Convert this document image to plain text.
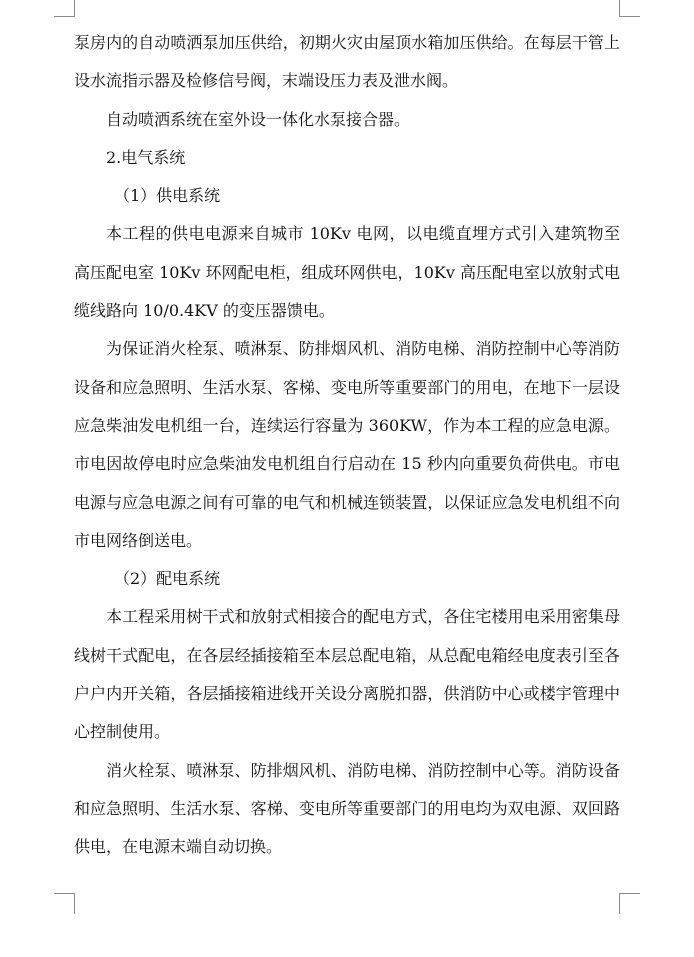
泵房内的自动喷洒泵加压供给，初期火灾由屋顶水箱加压供给。在每层干管上设水流指示器及检修信号阀，末端设压力表及泄水阀。

自动喷洒系统在室外设一体化水泵接合器。

2.电气系统

（1）供电系统

本工程的供电电源来自城市 10Kv 电网，以电缆直埋方式引入建筑物至高压配电室 10Kv 环网配电柜，组成环网供电，10Kv 高压配电室以放射式电缆线路向 10/0.4KV 的变压器馈电。

为保证消火栓泵、喷淋泵、防排烟风机、消防电梯、消防控制中心等消防设备和应急照明、生活水泵、客梯、变电所等重要部门的用电，在地下一层设应急柴油发电机组一台，连续运行容量为 360KW，作为本工程的应急电源。市电因故停电时应急柴油发电机组自行启动在 15 秒内向重要负荷供电。市电电源与应急电源之间有可靠的电气和机械连锁装置，以保证应急发电机组不向市电网络倒送电。

（2）配电系统

本工程采用树干式和放射式相接合的配电方式，各住宅楼用电采用密集母线树干式配电，在各层经插接箱至本层总配电箱，从总配电箱经电度表引至各户户内开关箱，各层插接箱进线开关设分离脱扣器，供消防中心或楼宇管理中心控制使用。

消火栓泵、喷淋泵、防排烟风机、消防电梯、消防控制中心等。消防设备和应急照明、生活水泵、客梯、变电所等重要部门的用电均为双电源、双回路供电，在电源末端自动切换。
